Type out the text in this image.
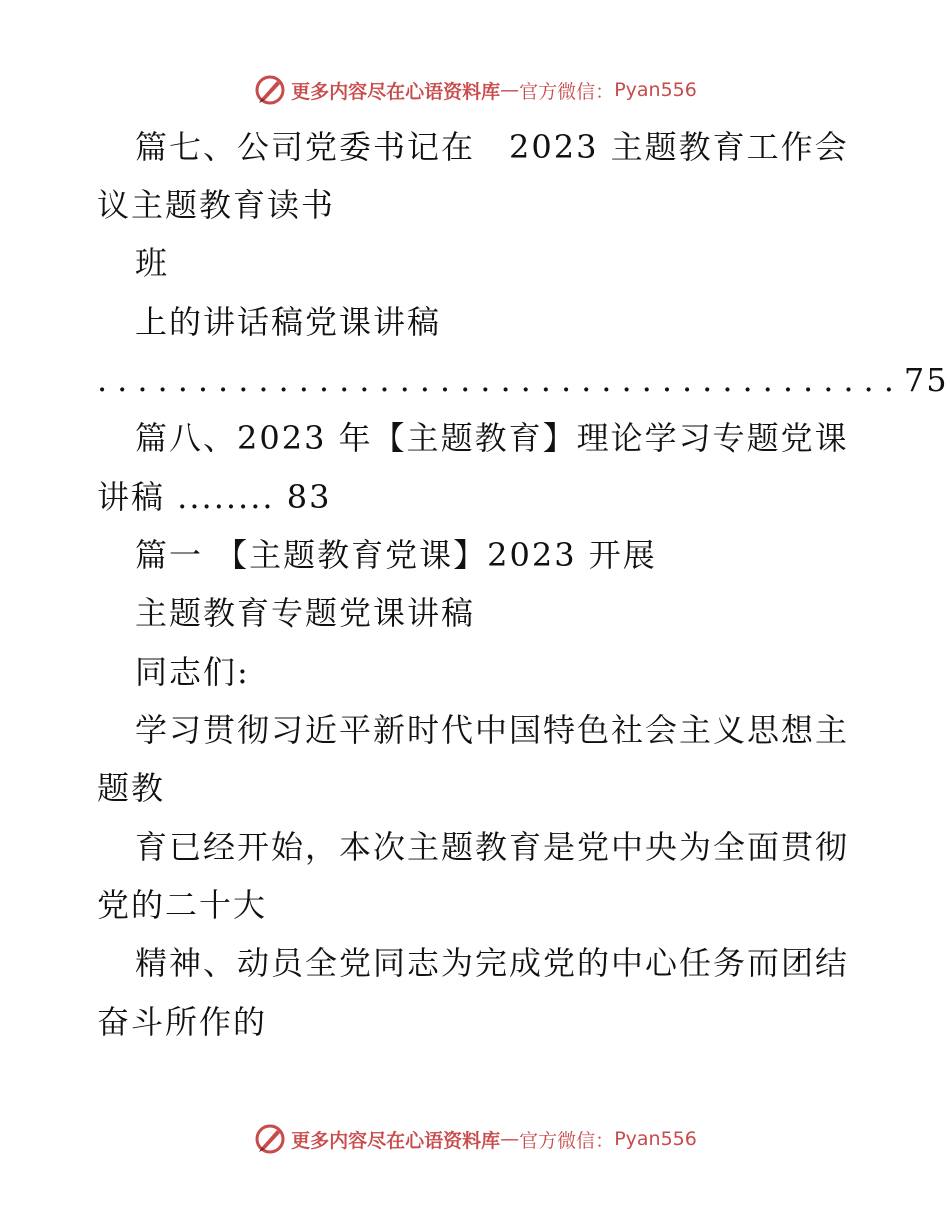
更多内容尽在心语资料库 — 官方微信： Pyan556
篇七、公司党委书记在　2023 主题教育工作会
议主题教育读书
班
上的讲话稿党课讲稿
........................................ 75
篇八、2023 年【主题教育】理论学习专题党课
讲稿 ........ 83
篇一 【主题教育党课】2023 开展
主题教育专题党课讲稿
同志们:
学习贯彻习近平新时代中国特色社会主义思想主
题教
育已经开始，本次主题教育是党中央为全面贯彻
党的二十大
精神、动员全党同志为完成党的中心任务而团结
奋斗所作的
更多内容尽在心语资料库 — 官方微信： Pyan556
